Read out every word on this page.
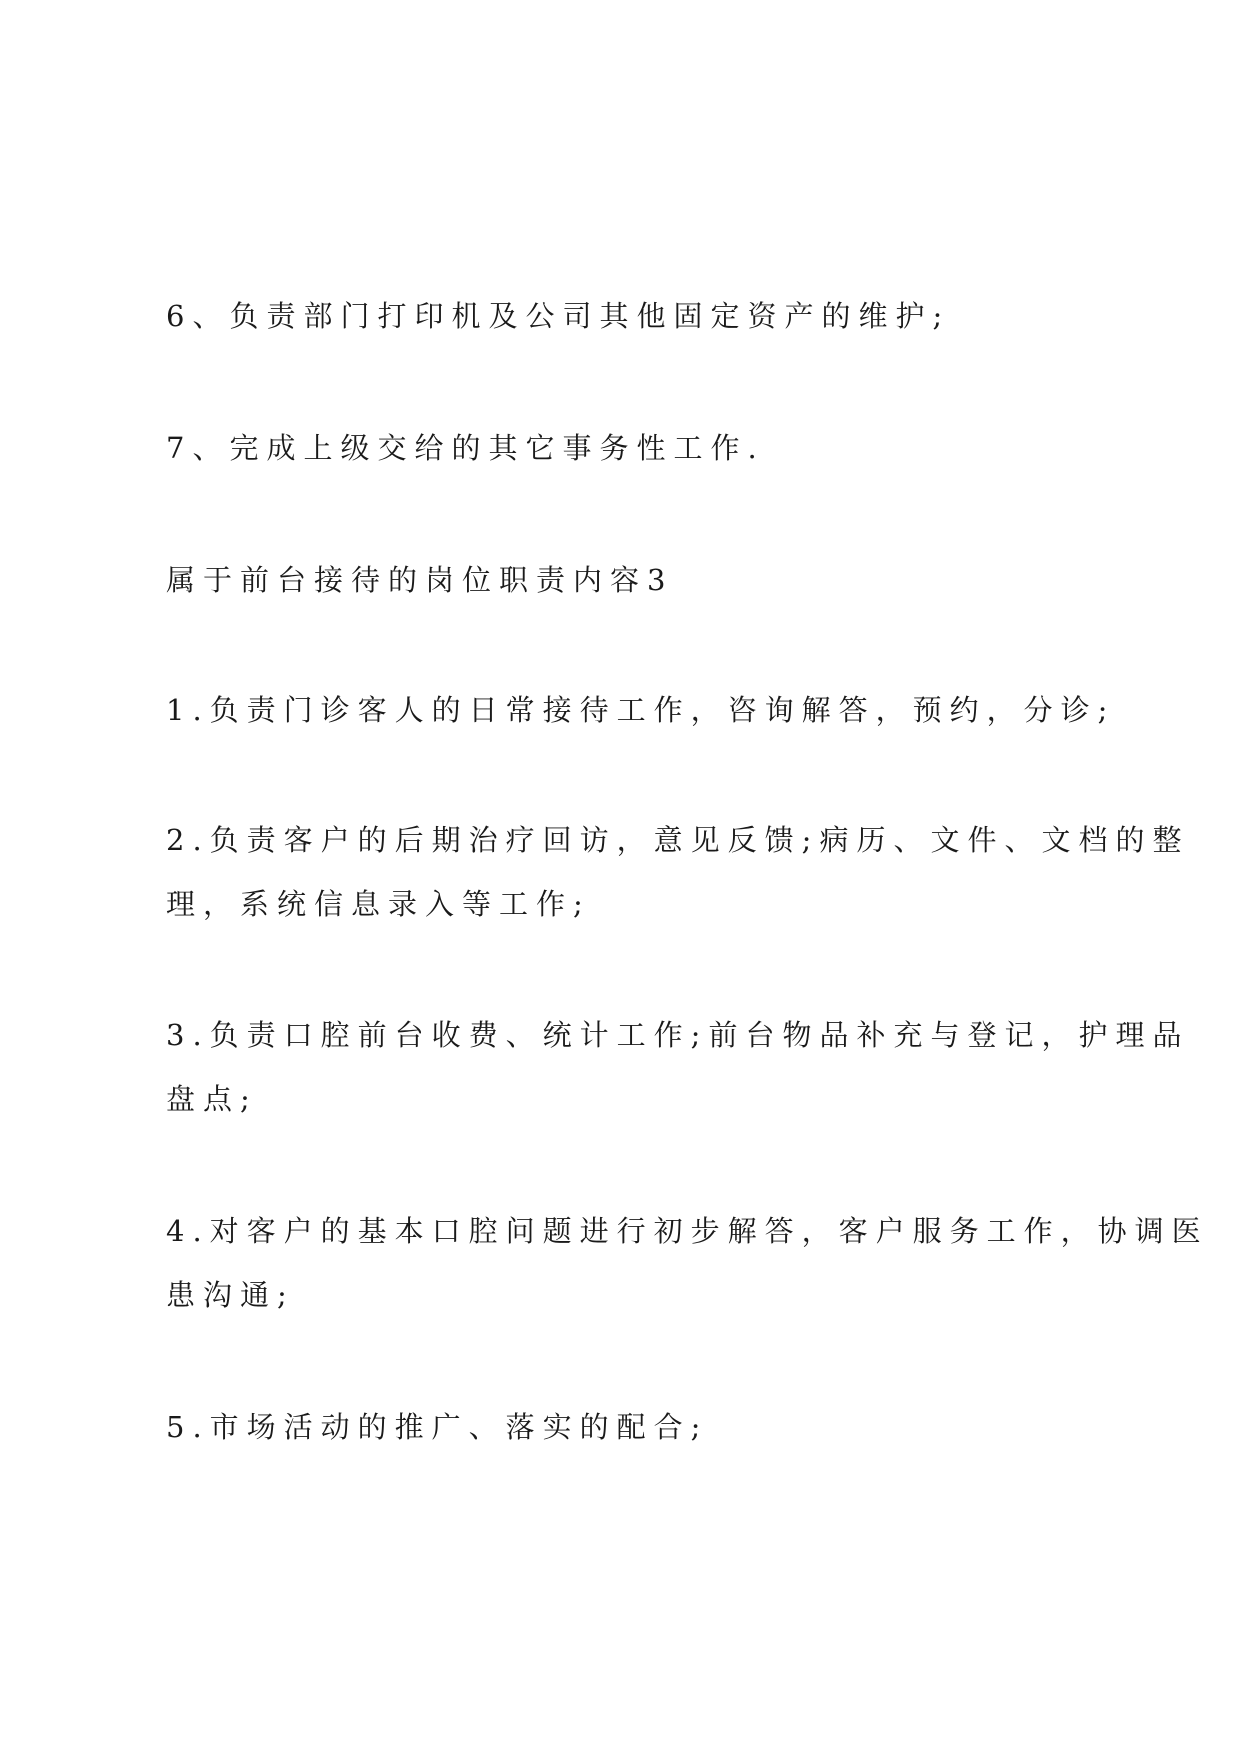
6、负责部门打印机及公司其他固定资产的维护;

7、完成上级交给的其它事务性工作.

属于前台接待的岗位职责内容3

1.负责门诊客人的日常接待工作，咨询解答，预约，分诊;

2.负责客户的后期治疗回访，意见反馈;病历、文件、文档的整

理，系统信息录入等工作;

3.负责口腔前台收费、统计工作;前台物品补充与登记，护理品

盘点;

4.对客户的基本口腔问题进行初步解答，客户服务工作，协调医

患沟通;

5.市场活动的推广、落实的配合;
